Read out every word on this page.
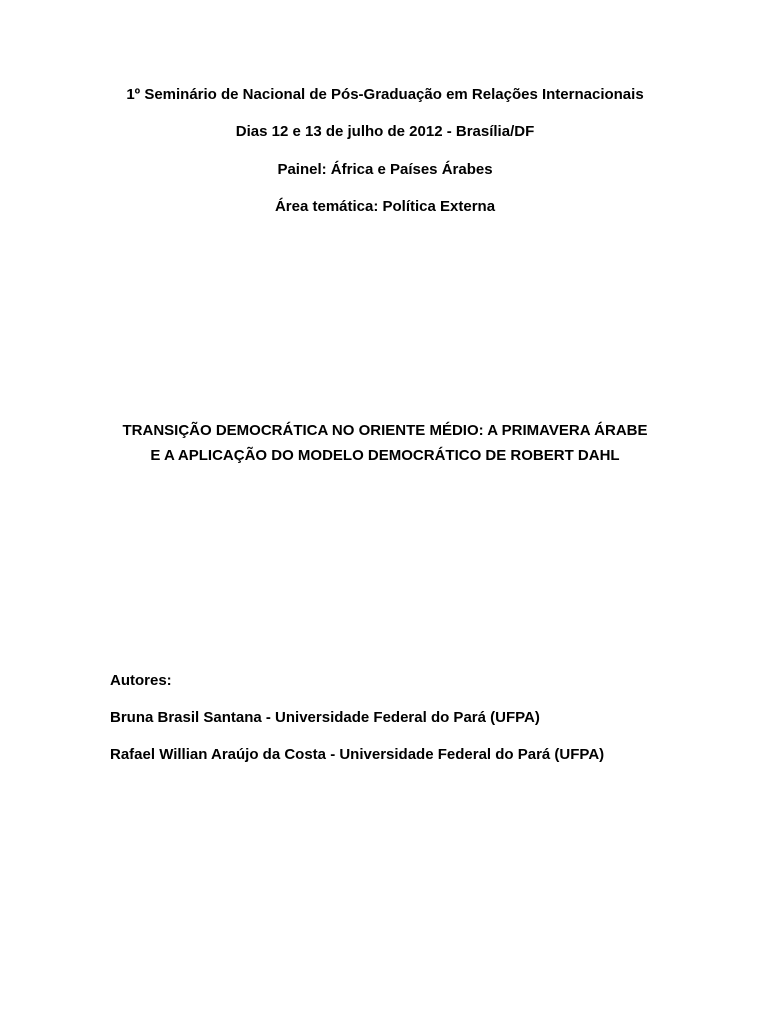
1º Seminário de Nacional de Pós-Graduação em Relações Internacionais
Dias 12 e 13 de julho de 2012 - Brasília/DF
Painel: África e Países Árabes
Área temática: Política Externa
TRANSIÇÃO DEMOCRÁTICA NO ORIENTE MÉDIO: A PRIMAVERA ÁRABE
E A APLICAÇÃO DO MODELO DEMOCRÁTICO DE ROBERT DAHL
Autores:
Bruna Brasil Santana - Universidade Federal do Pará (UFPA)
Rafael Willian Araújo da Costa - Universidade Federal do Pará (UFPA)
